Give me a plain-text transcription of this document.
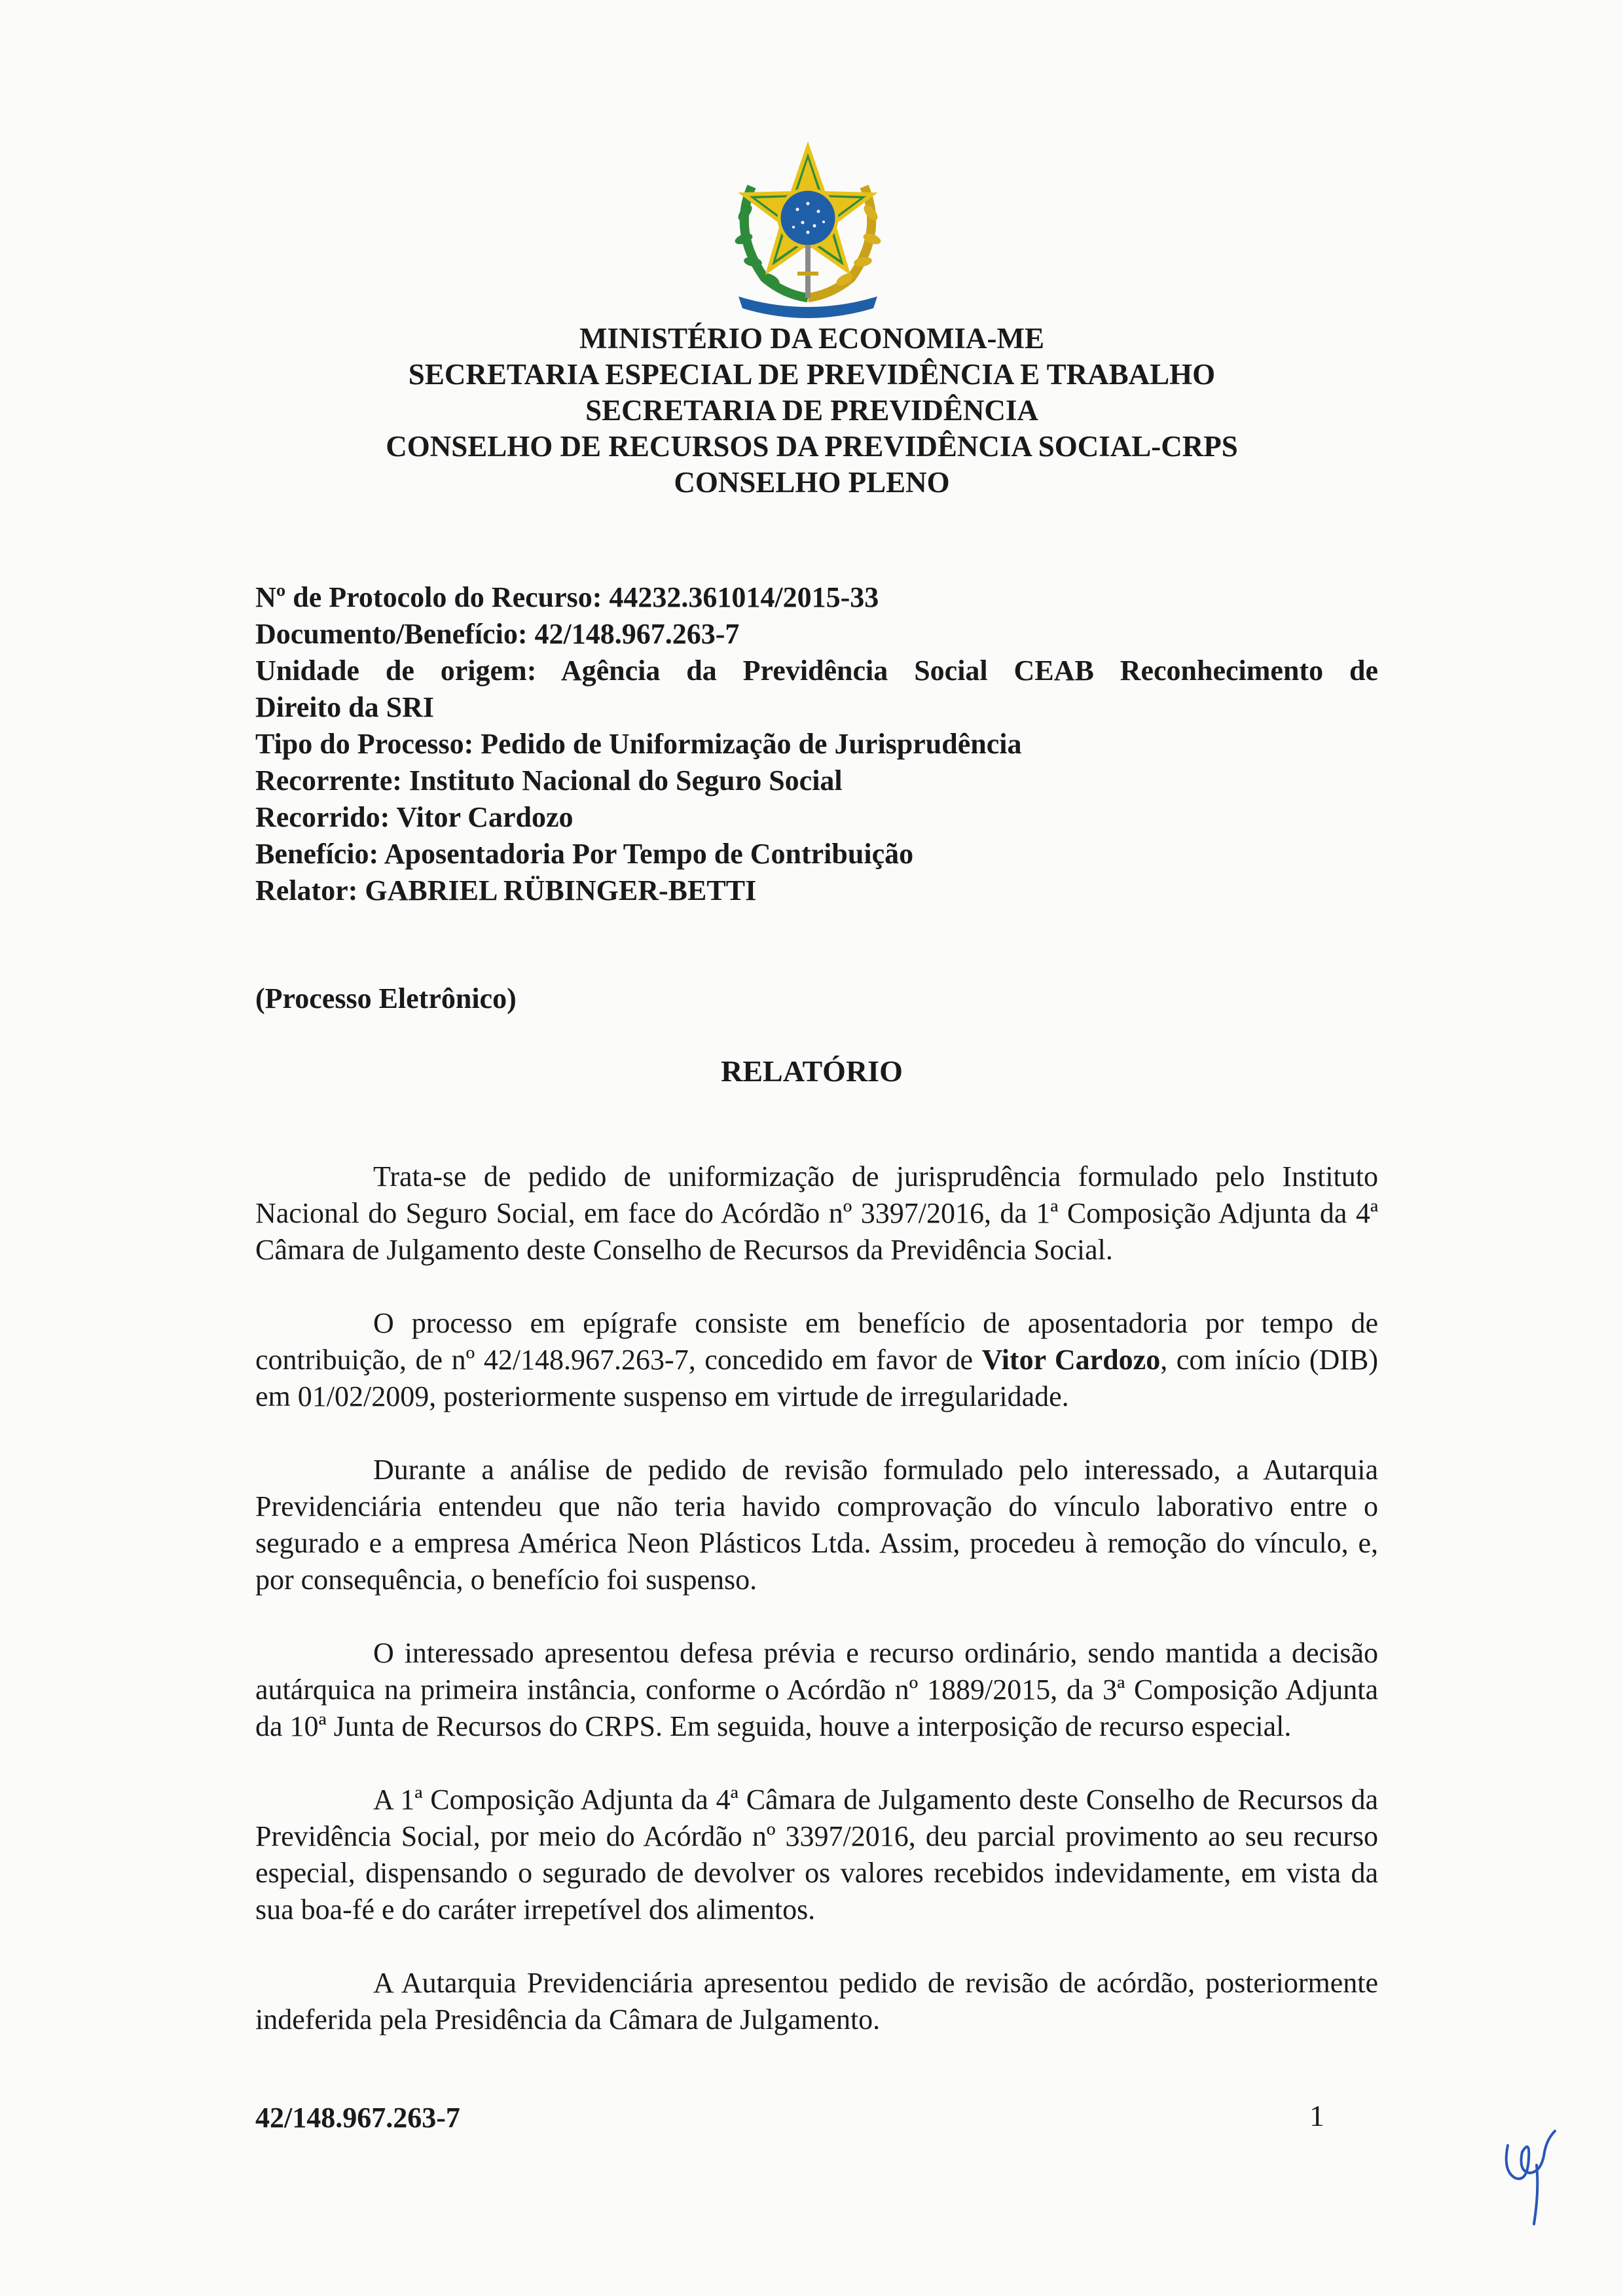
MINISTÉRIO DA ECONOMIA-ME
SECRETARIA ESPECIAL DE PREVIDÊNCIA E TRABALHO
SECRETARIA DE PREVIDÊNCIA
CONSELHO DE RECURSOS DA PREVIDÊNCIA SOCIAL-CRPS
CONSELHO PLENO
Nº de Protocolo do Recurso: 44232.361014/2015-33
Documento/Benefício: 42/148.967.263-7
Unidade de origem: Agência da Previdência Social CEAB Reconhecimento de
Direito da SRI
Tipo do Processo: Pedido de Uniformização de Jurisprudência
Recorrente: Instituto Nacional do Seguro Social
Recorrido: Vitor Cardozo
Benefício: Aposentadoria Por Tempo de Contribuição
Relator: GABRIEL RÜBINGER-BETTI
(Processo Eletrônico)
RELATÓRIO

Trata-se de pedido de uniformização de jurisprudência formulado pelo Instituto Nacional do Seguro Social, em face do Acórdão nº 3397/2016, da 1ª Composição Adjunta da 4ª Câmara de Julgamento deste Conselho de Recursos da Previdência Social.

O processo em epígrafe consiste em benefício de aposentadoria por tempo de contribuição, de nº 42/148.967.263-7, concedido em favor de Vitor Cardozo, com início (DIB) em 01/02/2009, posteriormente suspenso em virtude de irregularidade.

Durante a análise de pedido de revisão formulado pelo interessado, a Autarquia Previdenciária entendeu que não teria havido comprovação do vínculo laborativo entre o segurado e a empresa América Neon Plásticos Ltda. Assim, procedeu à remoção do vínculo, e, por consequência, o benefício foi suspenso.

O interessado apresentou defesa prévia e recurso ordinário, sendo mantida a decisão autárquica na primeira instância, conforme o Acórdão nº 1889/2015, da 3ª Composição Adjunta da 10ª Junta de Recursos do CRPS. Em seguida, houve a interposição de recurso especial.

A 1ª Composição Adjunta da 4ª Câmara de Julgamento deste Conselho de Recursos da Previdência Social, por meio do Acórdão nº 3397/2016, deu parcial provimento ao seu recurso especial, dispensando o segurado de devolver os valores recebidos indevidamente, em vista da sua boa-fé e do caráter irrepetível dos alimentos.

A Autarquia Previdenciária apresentou pedido de revisão de acórdão, posteriormente indeferida pela Presidência da Câmara de Julgamento.

42/148.967.263-7	1
